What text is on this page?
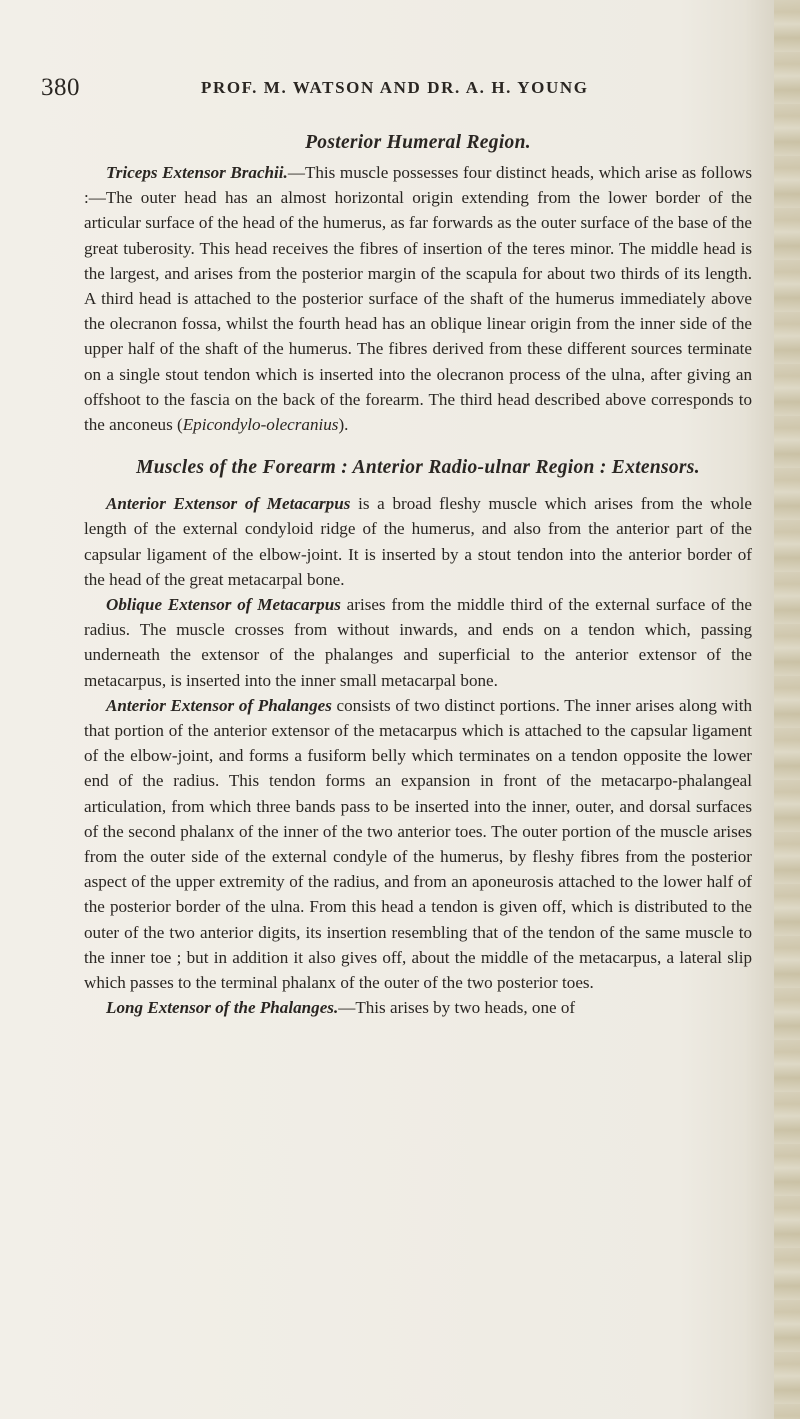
380	PROF. M. WATSON AND DR. A. H. YOUNG
Posterior Humeral Region.

Triceps Extensor Brachii.—This muscle possesses four distinct heads, which arise as follows :—The outer head has an almost horizontal origin extending from the lower border of the articular surface of the head of the humerus, as far forwards as the outer surface of the base of the great tuberosity. This head receives the fibres of insertion of the teres minor. The middle head is the largest, and arises from the posterior margin of the scapula for about two thirds of its length. A third head is attached to the posterior surface of the shaft of the humerus immediately above the olecranon fossa, whilst the fourth head has an oblique linear origin from the inner side of the upper half of the shaft of the humerus. The fibres derived from these different sources terminate on a single stout tendon which is inserted into the olecranon process of the ulna, after giving an offshoot to the fascia on the back of the forearm. The third head described above corresponds to the anconeus (Epicondylo-olecranius).

Muscles of the Forearm : Anterior Radio-ulnar Region : Extensors.

Anterior Extensor of Metacarpus is a broad fleshy muscle which arises from the whole length of the external condyloid ridge of the humerus, and also from the anterior part of the capsular ligament of the elbow-joint. It is inserted by a stout tendon into the anterior border of the head of the great metacarpal bone.

Oblique Extensor of Metacarpus arises from the middle third of the external surface of the radius. The muscle crosses from without inwards, and ends on a tendon which, passing underneath the extensor of the phalanges and superficial to the anterior extensor of the metacarpus, is inserted into the inner small metacarpal bone.

Anterior Extensor of Phalanges consists of two distinct portions. The inner arises along with that portion of the anterior extensor of the metacarpus which is attached to the capsular ligament of the elbow-joint, and forms a fusiform belly which terminates on a tendon opposite the lower end of the radius. This tendon forms an expansion in front of the metacarpo-phalangeal articulation, from which three bands pass to be inserted into the inner, outer, and dorsal surfaces of the second phalanx of the inner of the two anterior toes. The outer portion of the muscle arises from the outer side of the external condyle of the humerus, by fleshy fibres from the posterior aspect of the upper extremity of the radius, and from an aponeurosis attached to the lower half of the posterior border of the ulna. From this head a tendon is given off, which is distributed to the outer of the two anterior digits, its insertion resembling that of the tendon of the same muscle to the inner toe ; but in addition it also gives off, about the middle of the metacarpus, a lateral slip which passes to the terminal phalanx of the outer of the two posterior toes.

Long Extensor of the Phalanges.—This arises by two heads, one of
